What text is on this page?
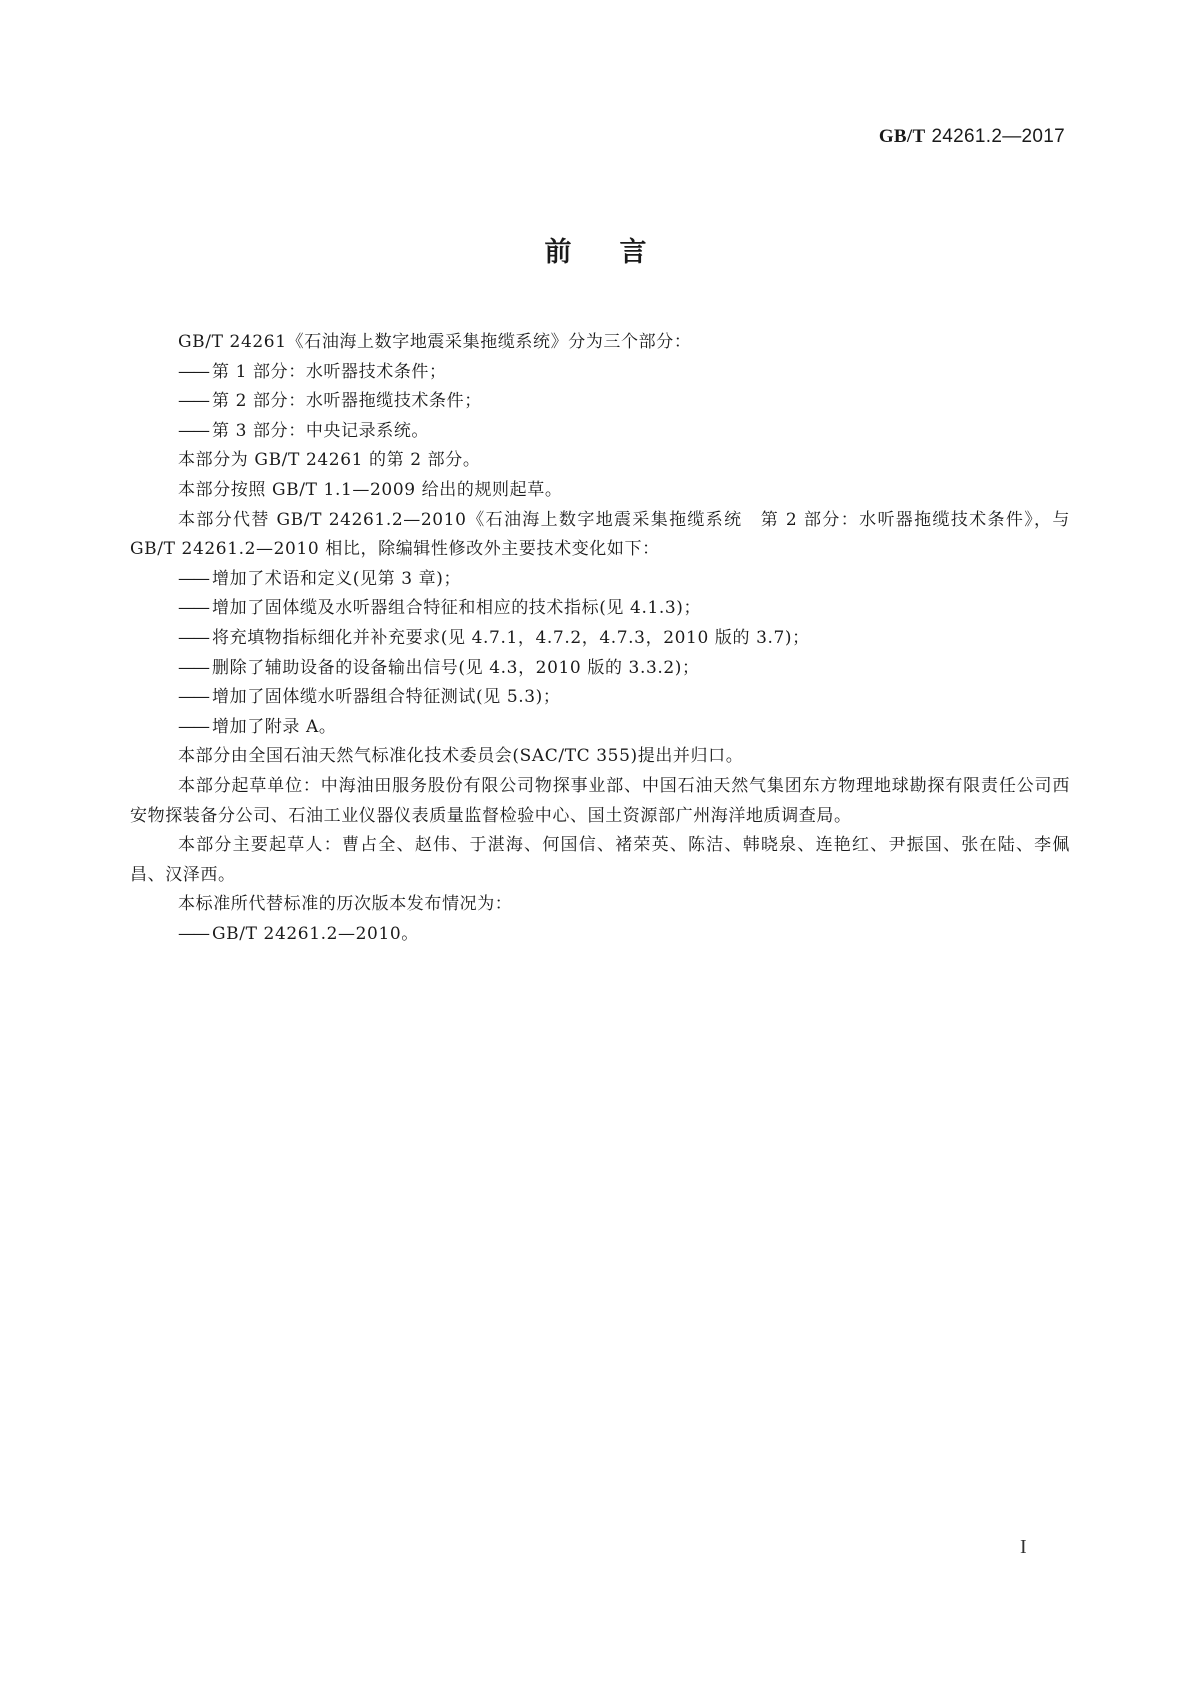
GB/T 24261.2—2017
前 言

GB/T 24261《石油海上数字地震采集拖缆系统》分为三个部分：

—— 第 1 部分：水听器技术条件；

—— 第 2 部分：水听器拖缆技术条件；

—— 第 3 部分：中央记录系统。

本部分为 GB/T 24261 的第 2 部分。

本部分按照 GB/T 1.1—2009 给出的规则起草。

本部分代替 GB/T 24261.2—2010《石油海上数字地震采集拖缆系统　第 2 部分：水听器拖缆技术条件》，与 GB/T 24261.2—2010 相比，除编辑性修改外主要技术变化如下：

—— 增加了术语和定义(见第 3 章)；

—— 增加了固体缆及水听器组合特征和相应的技术指标(见 4.1.3)；

—— 将充填物指标细化并补充要求(见 4.7.1，4.7.2，4.7.3，2010 版的 3.7)；

—— 删除了辅助设备的设备输出信号(见 4.3，2010 版的 3.3.2)；

—— 增加了固体缆水听器组合特征测试(见 5.3)；

—— 增加了附录 A。

本部分由全国石油天然气标准化技术委员会(SAC/TC 355)提出并归口。

本部分起草单位：中海油田服务股份有限公司物探事业部、中国石油天然气集团东方物理地球勘探有限责任公司西安物探装备分公司、石油工业仪器仪表质量监督检验中心、国土资源部广州海洋地质调查局。

本部分主要起草人：曹占全、赵伟、于湛海、何国信、褚荣英、陈洁、韩晓泉、连艳红、尹振国、张在陆、李佩昌、汉泽西。

本标准所代替标准的历次版本发布情况为：

—— GB/T 24261.2—2010。

I
